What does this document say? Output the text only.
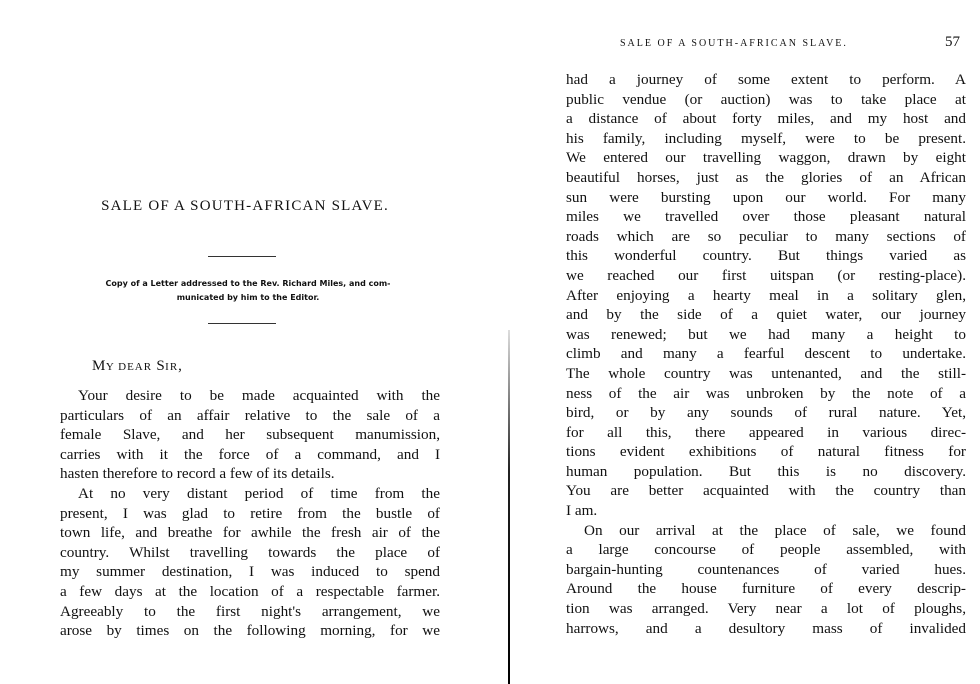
SALE OF A SOUTH-AFRICAN SLAVE.
Copy of a Letter addressed to the Rev. Richard Miles, and com-
municated by him to the Editor.
MY DEAR SIR,
Your desire to be made acquainted with the
particulars of an affair relative to the sale of a
female Slave, and her subsequent manumission,
carries with it the force of a command, and I
hasten therefore to record a few of its details.
At no very distant period of time from the
present, I was glad to retire from the bustle of
town life, and breathe for awhile the fresh air of the
country. Whilst travelling towards the place of
my summer destination, I was induced to spend
a few days at the location of a respectable farmer.
Agreeably to the first night's arrangement, we
arose by times on the following morning, for we
SALE OF A SOUTH-AFRICAN SLAVE.	57
had a journey of some extent to perform. A
public vendue (or auction) was to take place at
a distance of about forty miles, and my host and
his family, including myself, were to be present.
We entered our travelling waggon, drawn by eight
beautiful horses, just as the glories of an African
sun were bursting upon our world. For many
miles we travelled over those pleasant natural
roads which are so peculiar to many sections of
this wonderful country. But things varied as
we reached our first uitspan (or resting-place).
After enjoying a hearty meal in a solitary glen,
and by the side of a quiet water, our journey
was renewed; but we had many a height to
climb and many a fearful descent to undertake.
The whole country was untenanted, and the still-
ness of the air was unbroken by the note of a
bird, or by any sounds of rural nature. Yet,
for all this, there appeared in various direc-
tions evident exhibitions of natural fitness for
human population. But this is no discovery.
You are better acquainted with the country than
I am.
On our arrival at the place of sale, we found
a large concourse of people assembled, with
bargain-hunting countenances of varied hues.
Around the house furniture of every descrip-
tion was arranged. Very near a lot of ploughs,
harrows, and a desultory mass of invalided
